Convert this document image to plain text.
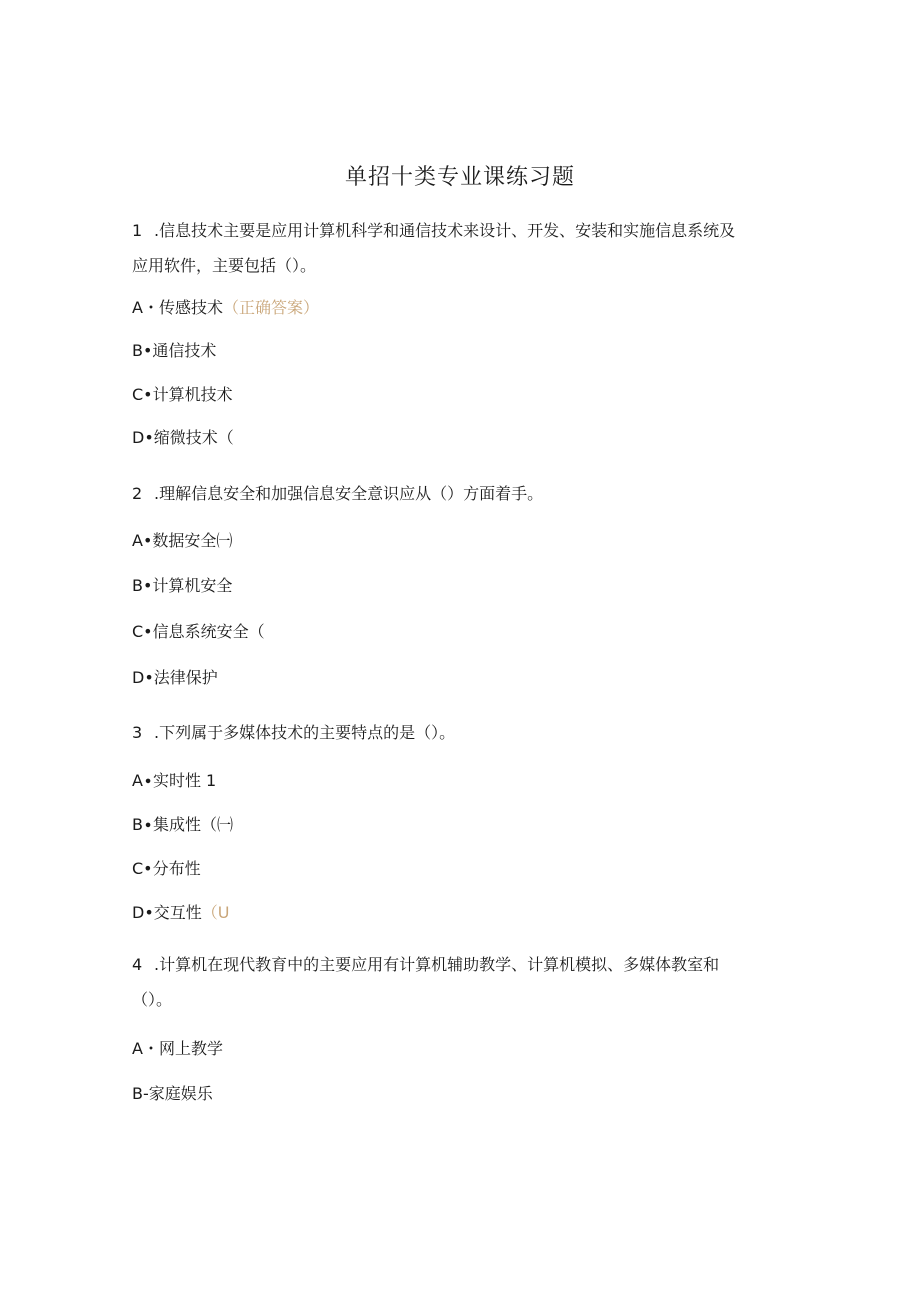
单招十类专业课练习题
1 .信息技术主要是应用计算机科学和通信技术来设计、开发、安装和实施信息系统及
应用软件，主要包括（）。
A・传感技术（正确答案）
B•通信技术
C•计算机技术
D•缩微技术（
2 .理解信息安全和加强信息安全意识应从（）方面着手。
A•数据安全㈠
B•计算机安全
C•信息系统安全（
D•法律保护
3 .下列属于多媒体技术的主要特点的是（）。
A∙实时性 1
B∙集成性（㈠
C•分布性
D•交互性（U
4 .计算机在现代教育中的主要应用有计算机辅助教学、计算机模拟、多媒体教室和
（）。
A・网上教学
B-家庭娱乐
